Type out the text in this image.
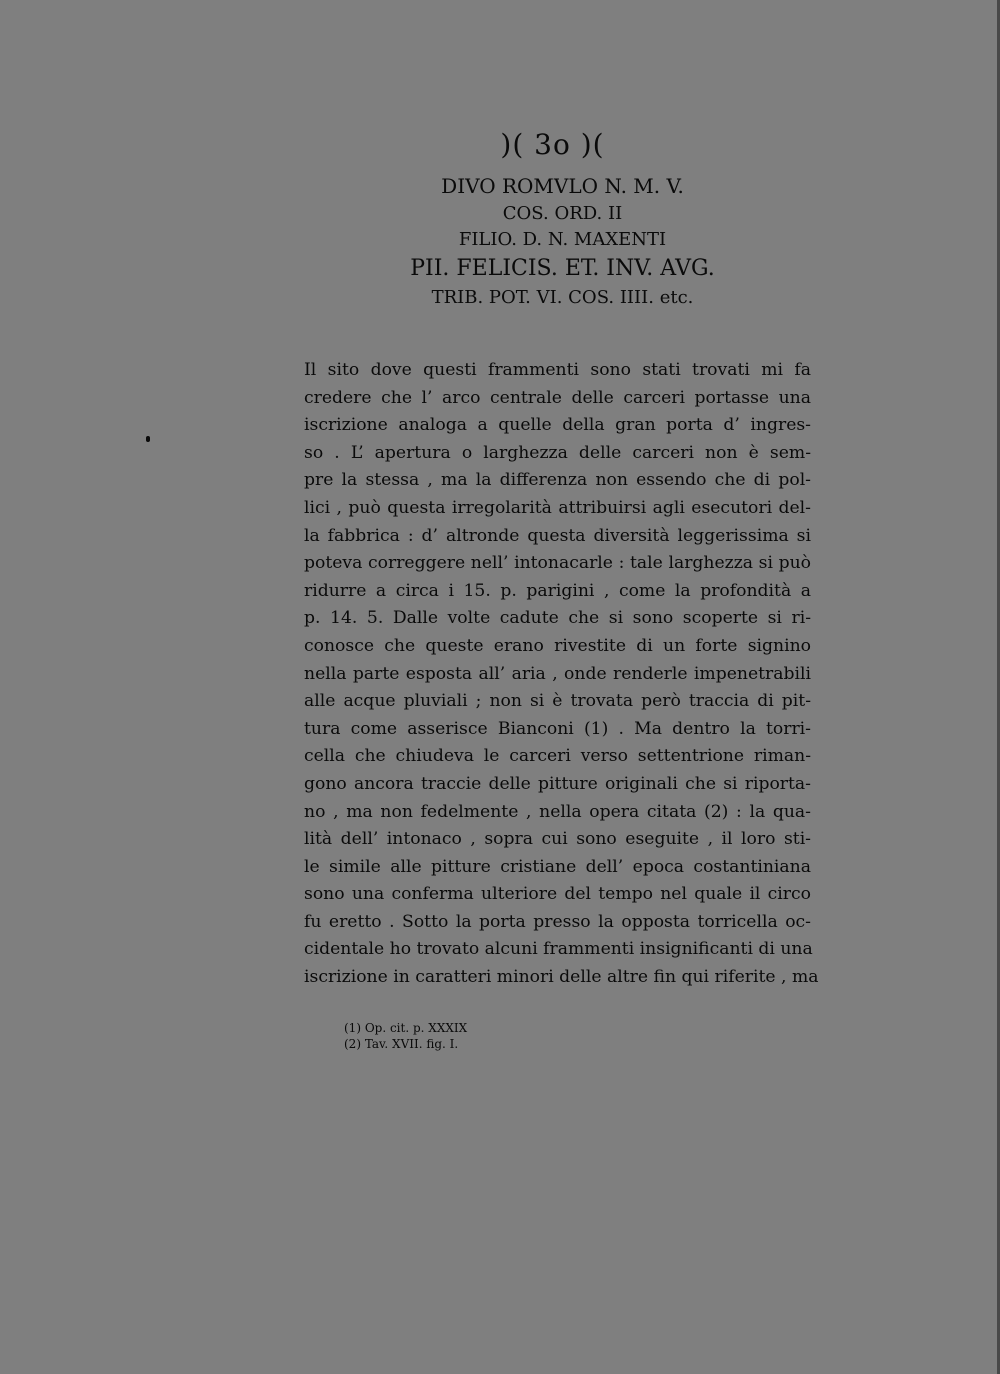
)( 3o )(
DIVO ROMVLO N. M. V.
COS. ORD. II
FILIO. D. N. MAXENTI
PII. FELICIS. ET. INV. AVG.
TRIB. POT. VI. COS. IIII. etc.
Il sito dove questi frammenti sono stati trovati mi fa
credere che l’ arco centrale delle carceri portasse una
iscrizione analoga a quelle della gran porta d’ ingres-
so . L’ apertura o larghezza delle carceri non è sem-
pre la stessa , ma la differenza non essendo che di pol-
lici , può questa irregolarità attribuirsi agli esecutori del-
la fabbrica : d’ altronde questa diversità leggerissima si
poteva correggere nell’ intonacarle : tale larghezza si può
ridurre a circa i 15. p. parigini , come la profondità a
p. 14. 5. Dalle volte cadute che si sono scoperte si ri-
conosce che queste erano rivestite di un forte signino
nella parte esposta all’ aria , onde renderle impenetrabili
alle acque pluviali ; non si è trovata però traccia di pit-
tura come asserisce Bianconi (1) . Ma dentro la torri-
cella che chiudeva le carceri verso settentrione riman-
gono ancora traccie delle pitture originali che si riporta-
no , ma non fedelmente , nella opera citata (2) : la qua-
lità dell’ intonaco , sopra cui sono eseguite , il loro sti-
le simile alle pitture cristiane dell’ epoca costantiniana
sono una conferma ulteriore del tempo nel quale il circo
fu eretto . Sotto la porta presso la opposta torricella oc-
cidentale ho trovato alcuni frammenti insignificanti di una
iscrizione in caratteri minori delle altre fin qui riferite , ma
(1) Op. cit. p. XXXIX
(2) Tav. XVII. fig. I.
